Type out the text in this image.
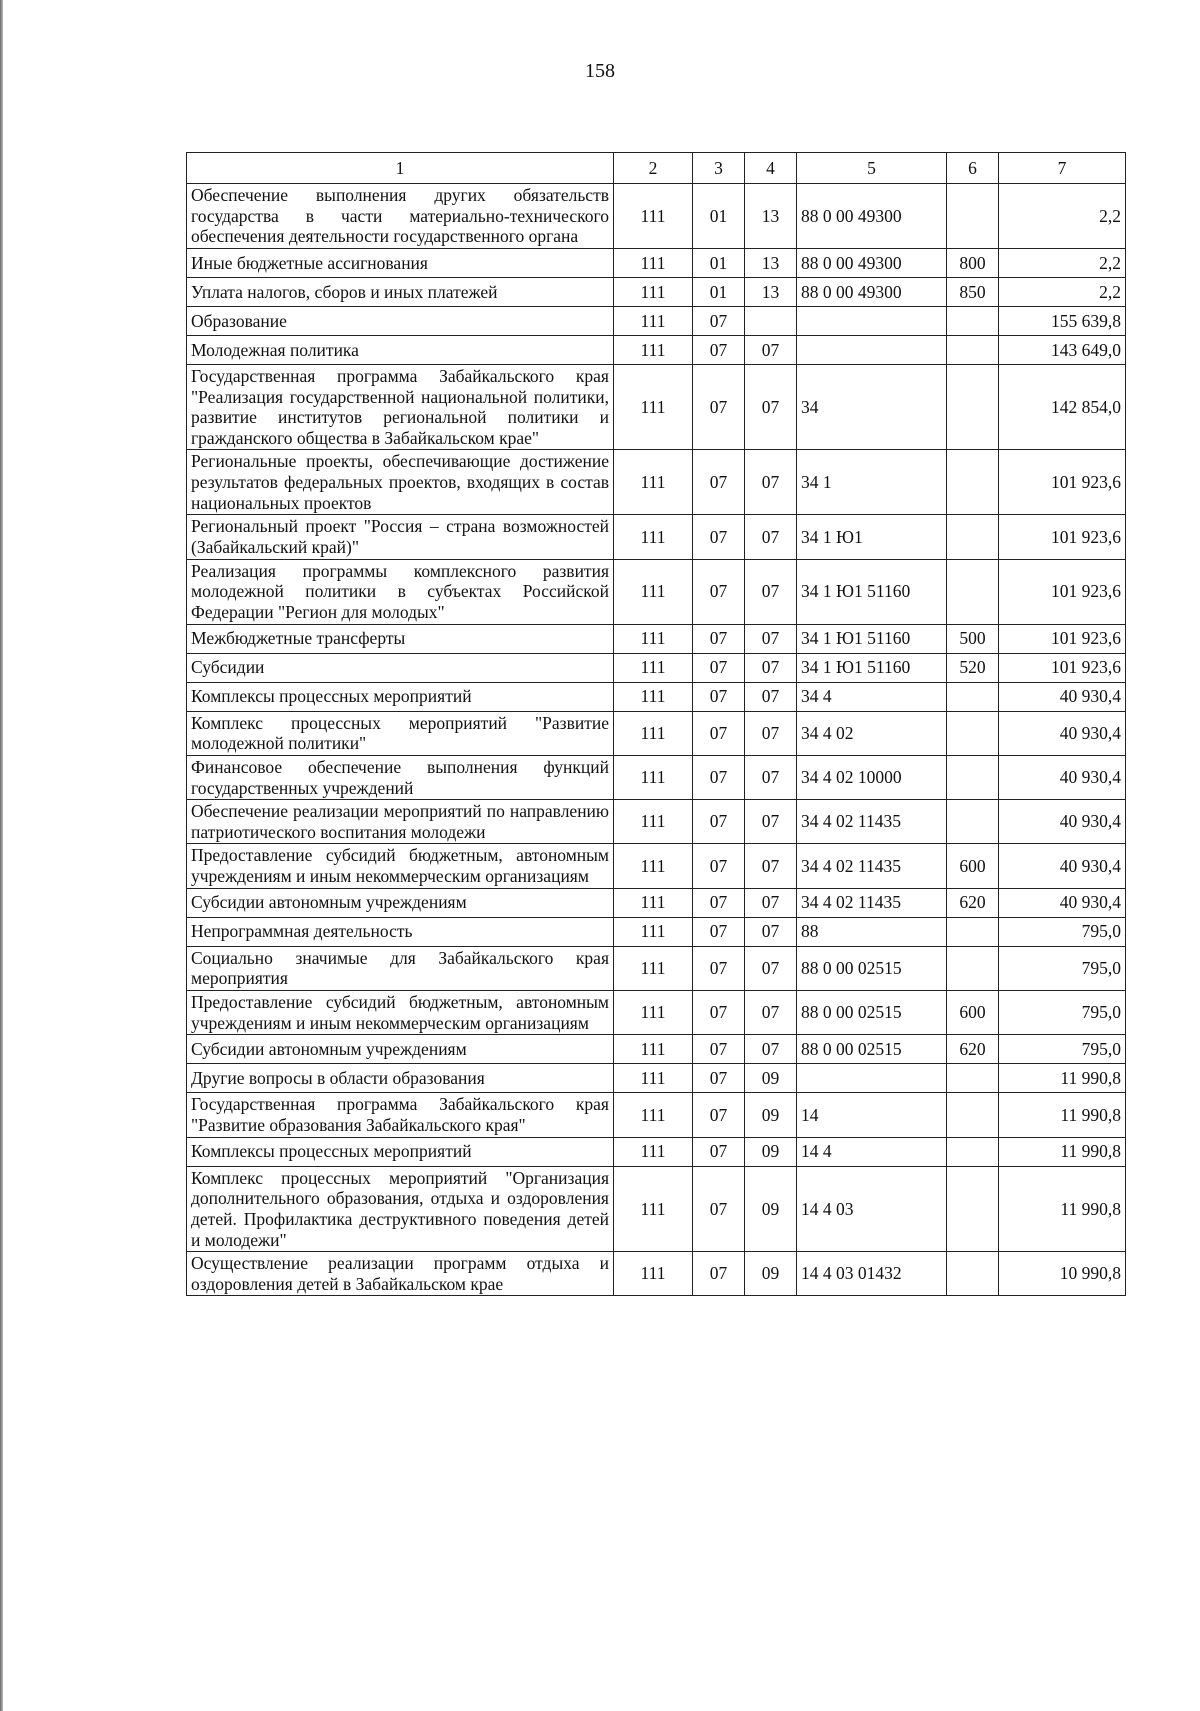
158
1	2	3	4	5	6	7
Обеспечение выполнения других обязательств государства в части материально-технического обеспечения деятельности государственного органа	111	01	13	88 0 00 49300		2,2
Иные бюджетные ассигнования	111	01	13	88 0 00 49300	800	2,2
Уплата налогов, сборов и иных платежей	111	01	13	88 0 00 49300	850	2,2
Образование	111	07				155 639,8
Молодежная политика	111	07	07			143 649,0
Государственная программа Забайкальского края "Реализация государственной национальной политики, развитие институтов региональной политики и гражданского общества в Забайкальском крае"	111	07	07	34		142 854,0
Региональные проекты, обеспечивающие достижение результатов федеральных проектов, входящих в состав национальных проектов	111	07	07	34 1		101 923,6
Региональный проект "Россия – страна возможностей (Забайкальский край)"	111	07	07	34 1 Ю1		101 923,6
Реализация программы комплексного развития молодежной политики в субъектах Российской Федерации "Регион для молодых"	111	07	07	34 1 Ю1 51160		101 923,6
Межбюджетные трансферты	111	07	07	34 1 Ю1 51160	500	101 923,6
Субсидии	111	07	07	34 1 Ю1 51160	520	101 923,6
Комплексы процессных мероприятий	111	07	07	34 4		40 930,4
Комплекс процессных мероприятий "Развитие молодежной политики"	111	07	07	34 4 02		40 930,4
Финансовое обеспечение выполнения функций государственных учреждений	111	07	07	34 4 02 10000		40 930,4
Обеспечение реализации мероприятий по направлению патриотического воспитания молодежи	111	07	07	34 4 02 11435		40 930,4
Предоставление субсидий бюджетным, автономным учреждениям и иным некоммерческим организациям	111	07	07	34 4 02 11435	600	40 930,4
Субсидии автономным учреждениям	111	07	07	34 4 02 11435	620	40 930,4
Непрограммная деятельность	111	07	07	88		795,0
Социально значимые для Забайкальского края мероприятия	111	07	07	88 0 00 02515		795,0
Предоставление субсидий бюджетным, автономным учреждениям и иным некоммерческим организациям	111	07	07	88 0 00 02515	600	795,0
Субсидии автономным учреждениям	111	07	07	88 0 00 02515	620	795,0
Другие вопросы в области образования	111	07	09			11 990,8
Государственная программа Забайкальского края "Развитие образования Забайкальского края"	111	07	09	14		11 990,8
Комплексы процессных мероприятий	111	07	09	14 4		11 990,8
Комплекс процессных мероприятий "Организация дополнительного образования, отдыха и оздоровления детей. Профилактика деструктивного поведения детей и молодежи"	111	07	09	14 4 03		11 990,8
Осуществление реализации программ отдыха и оздоровления детей в Забайкальском крае	111	07	09	14 4 03 01432		10 990,8
